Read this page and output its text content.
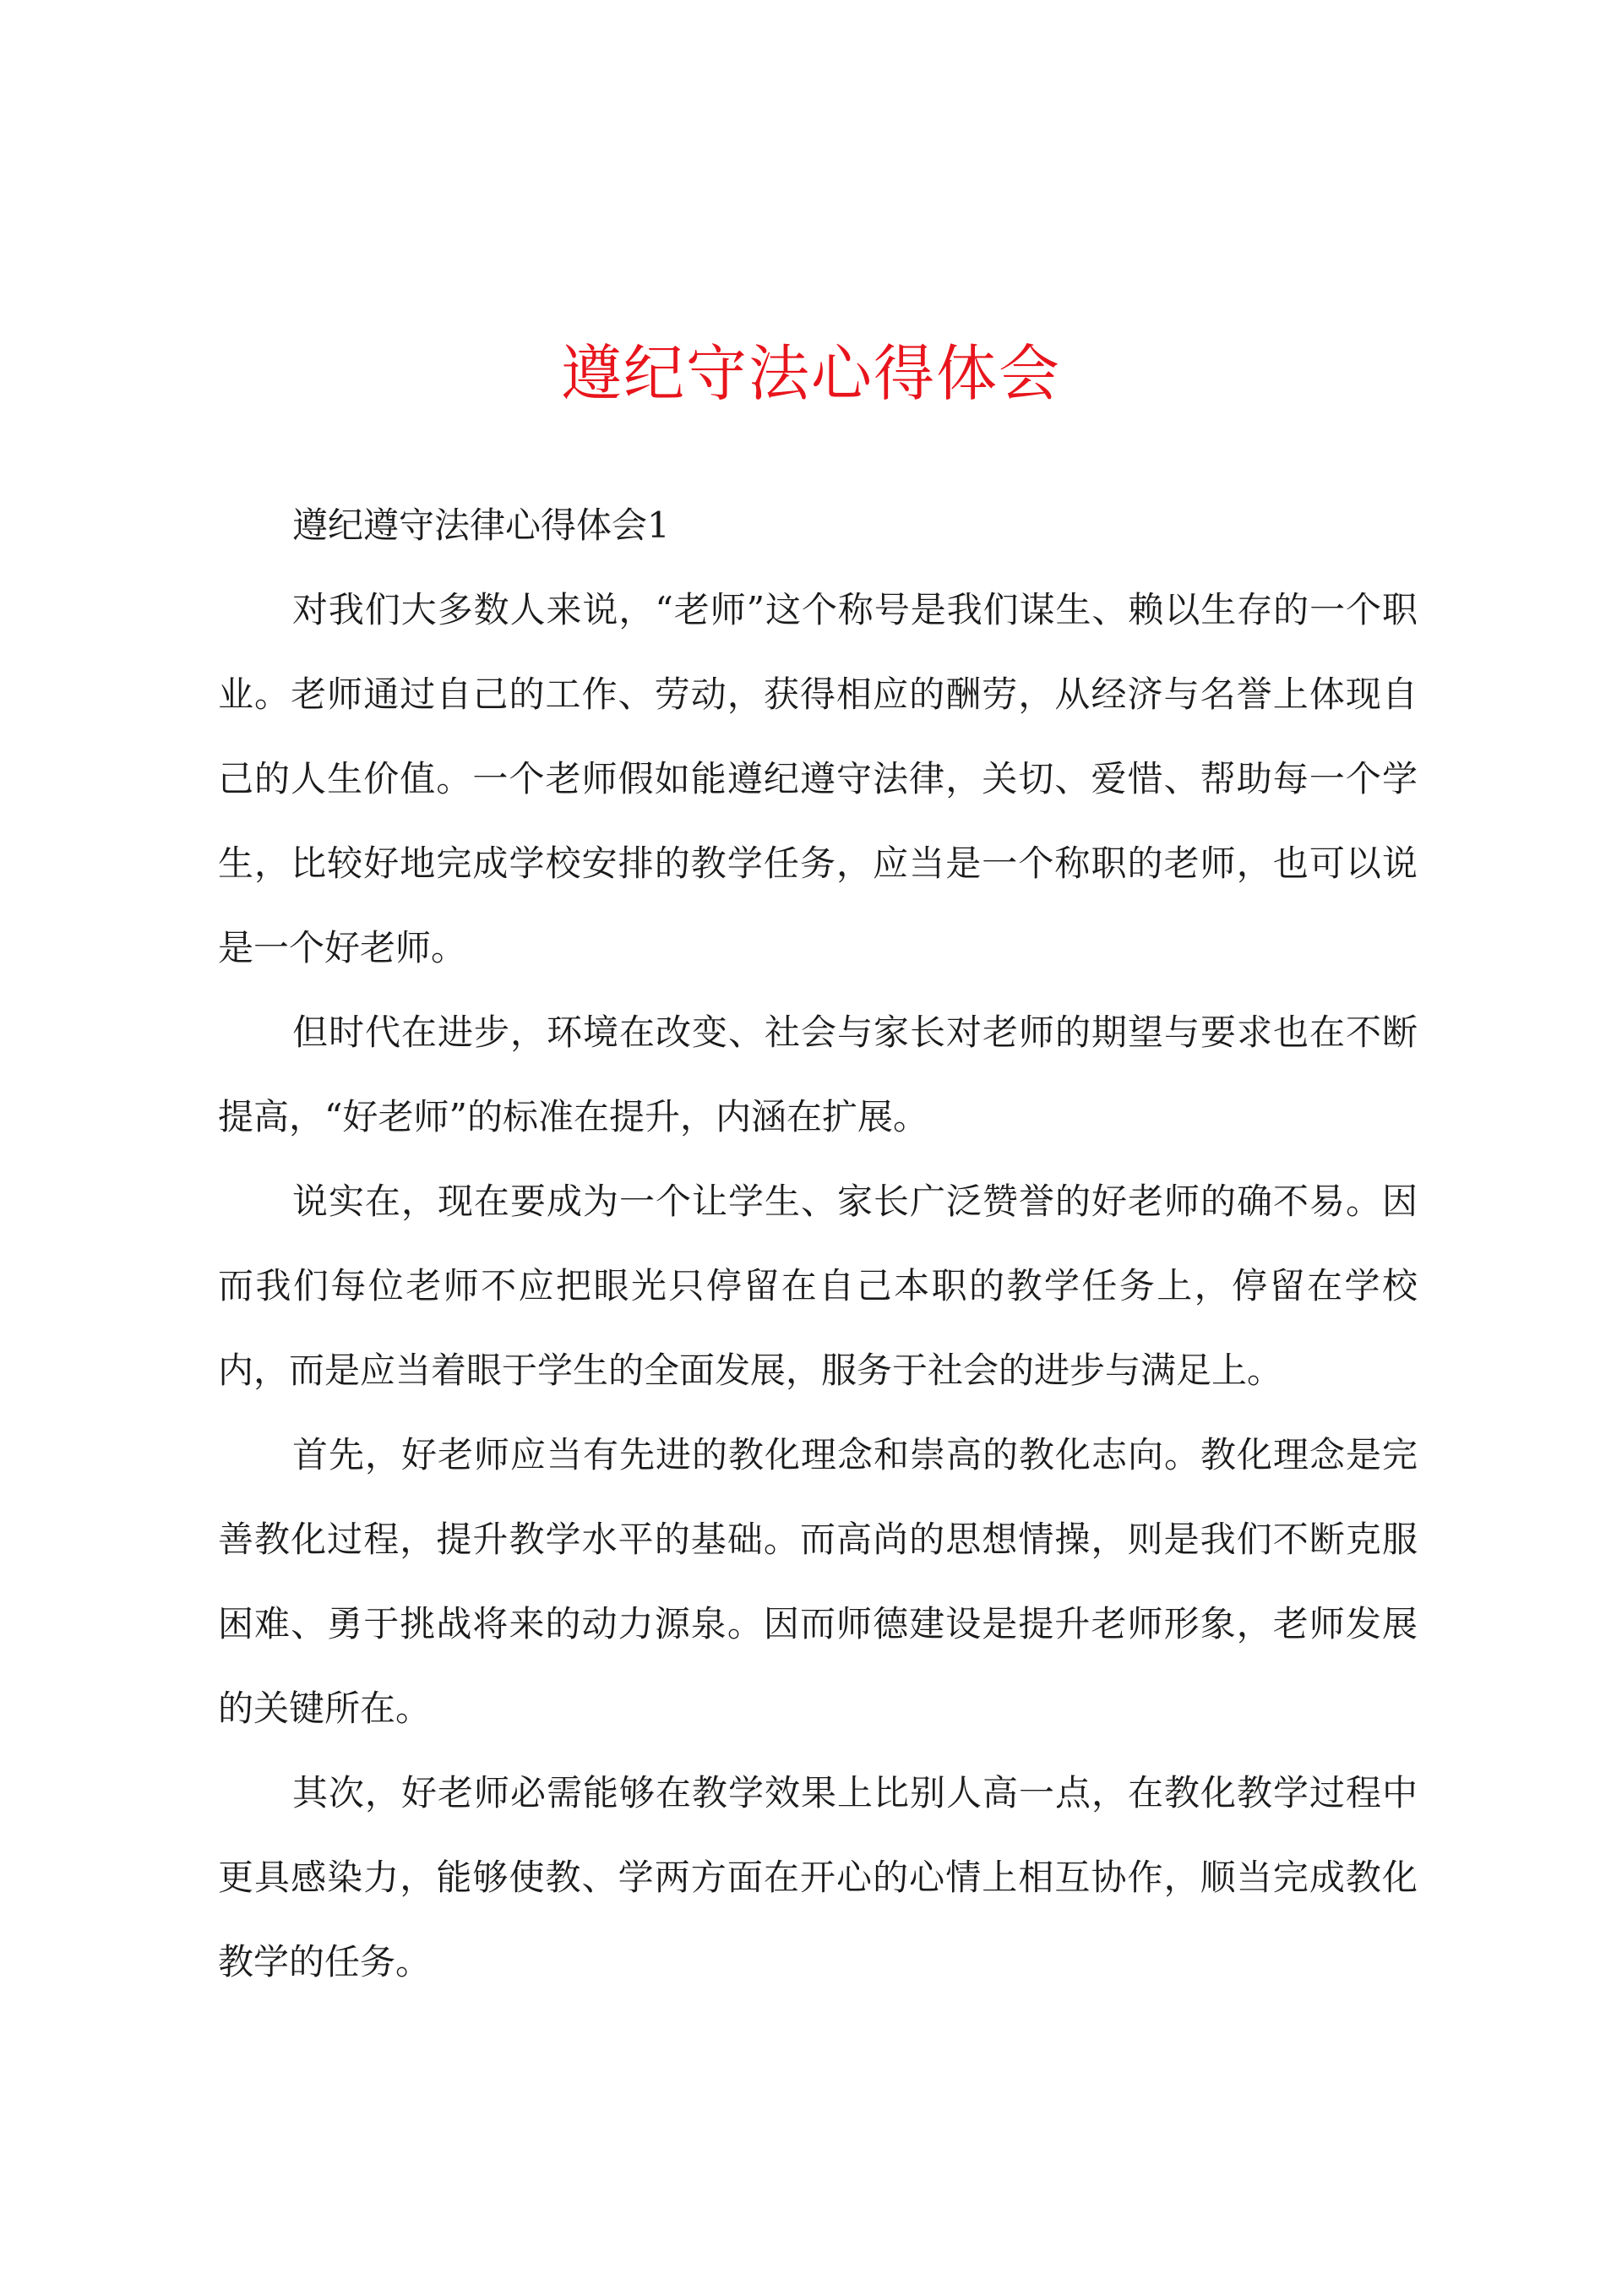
遵纪守法心得体会

遵纪遵守法律心得体会1

对我们大多数人来说，“老师”这个称号是我们谋生、赖以生存的一个职业。老师通过自己的工作、劳动，获得相应的酬劳，从经济与名誉上体现自己的人生价值。一个老师假如能遵纪遵守法律，关切、爱惜、帮助每一个学生，比较好地完成学校安排的教学任务，应当是一个称职的老师，也可以说是一个好老师。

但时代在进步，环境在改变、社会与家长对老师的期望与要求也在不断提高，“好老师”的标准在提升，内涵在扩展。

说实在，现在要成为一个让学生、家长广泛赞誉的好老师的确不易。因而我们每位老师不应把眼光只停留在自己本职的教学任务上，停留在学校内，而是应当着眼于学生的全面发展，服务于社会的进步与满足上。

首先，好老师应当有先进的教化理念和崇高的教化志向。教化理念是完善教化过程，提升教学水平的基础。而高尚的思想情操，则是我们不断克服困难、勇于挑战将来的动力源泉。因而师德建设是提升老师形象，老师发展的关键所在。

其次，好老师必需能够在教学效果上比别人高一点，在教化教学过程中更具感染力，能够使教、学两方面在开心的心情上相互协作，顺当完成教化教学的任务。
